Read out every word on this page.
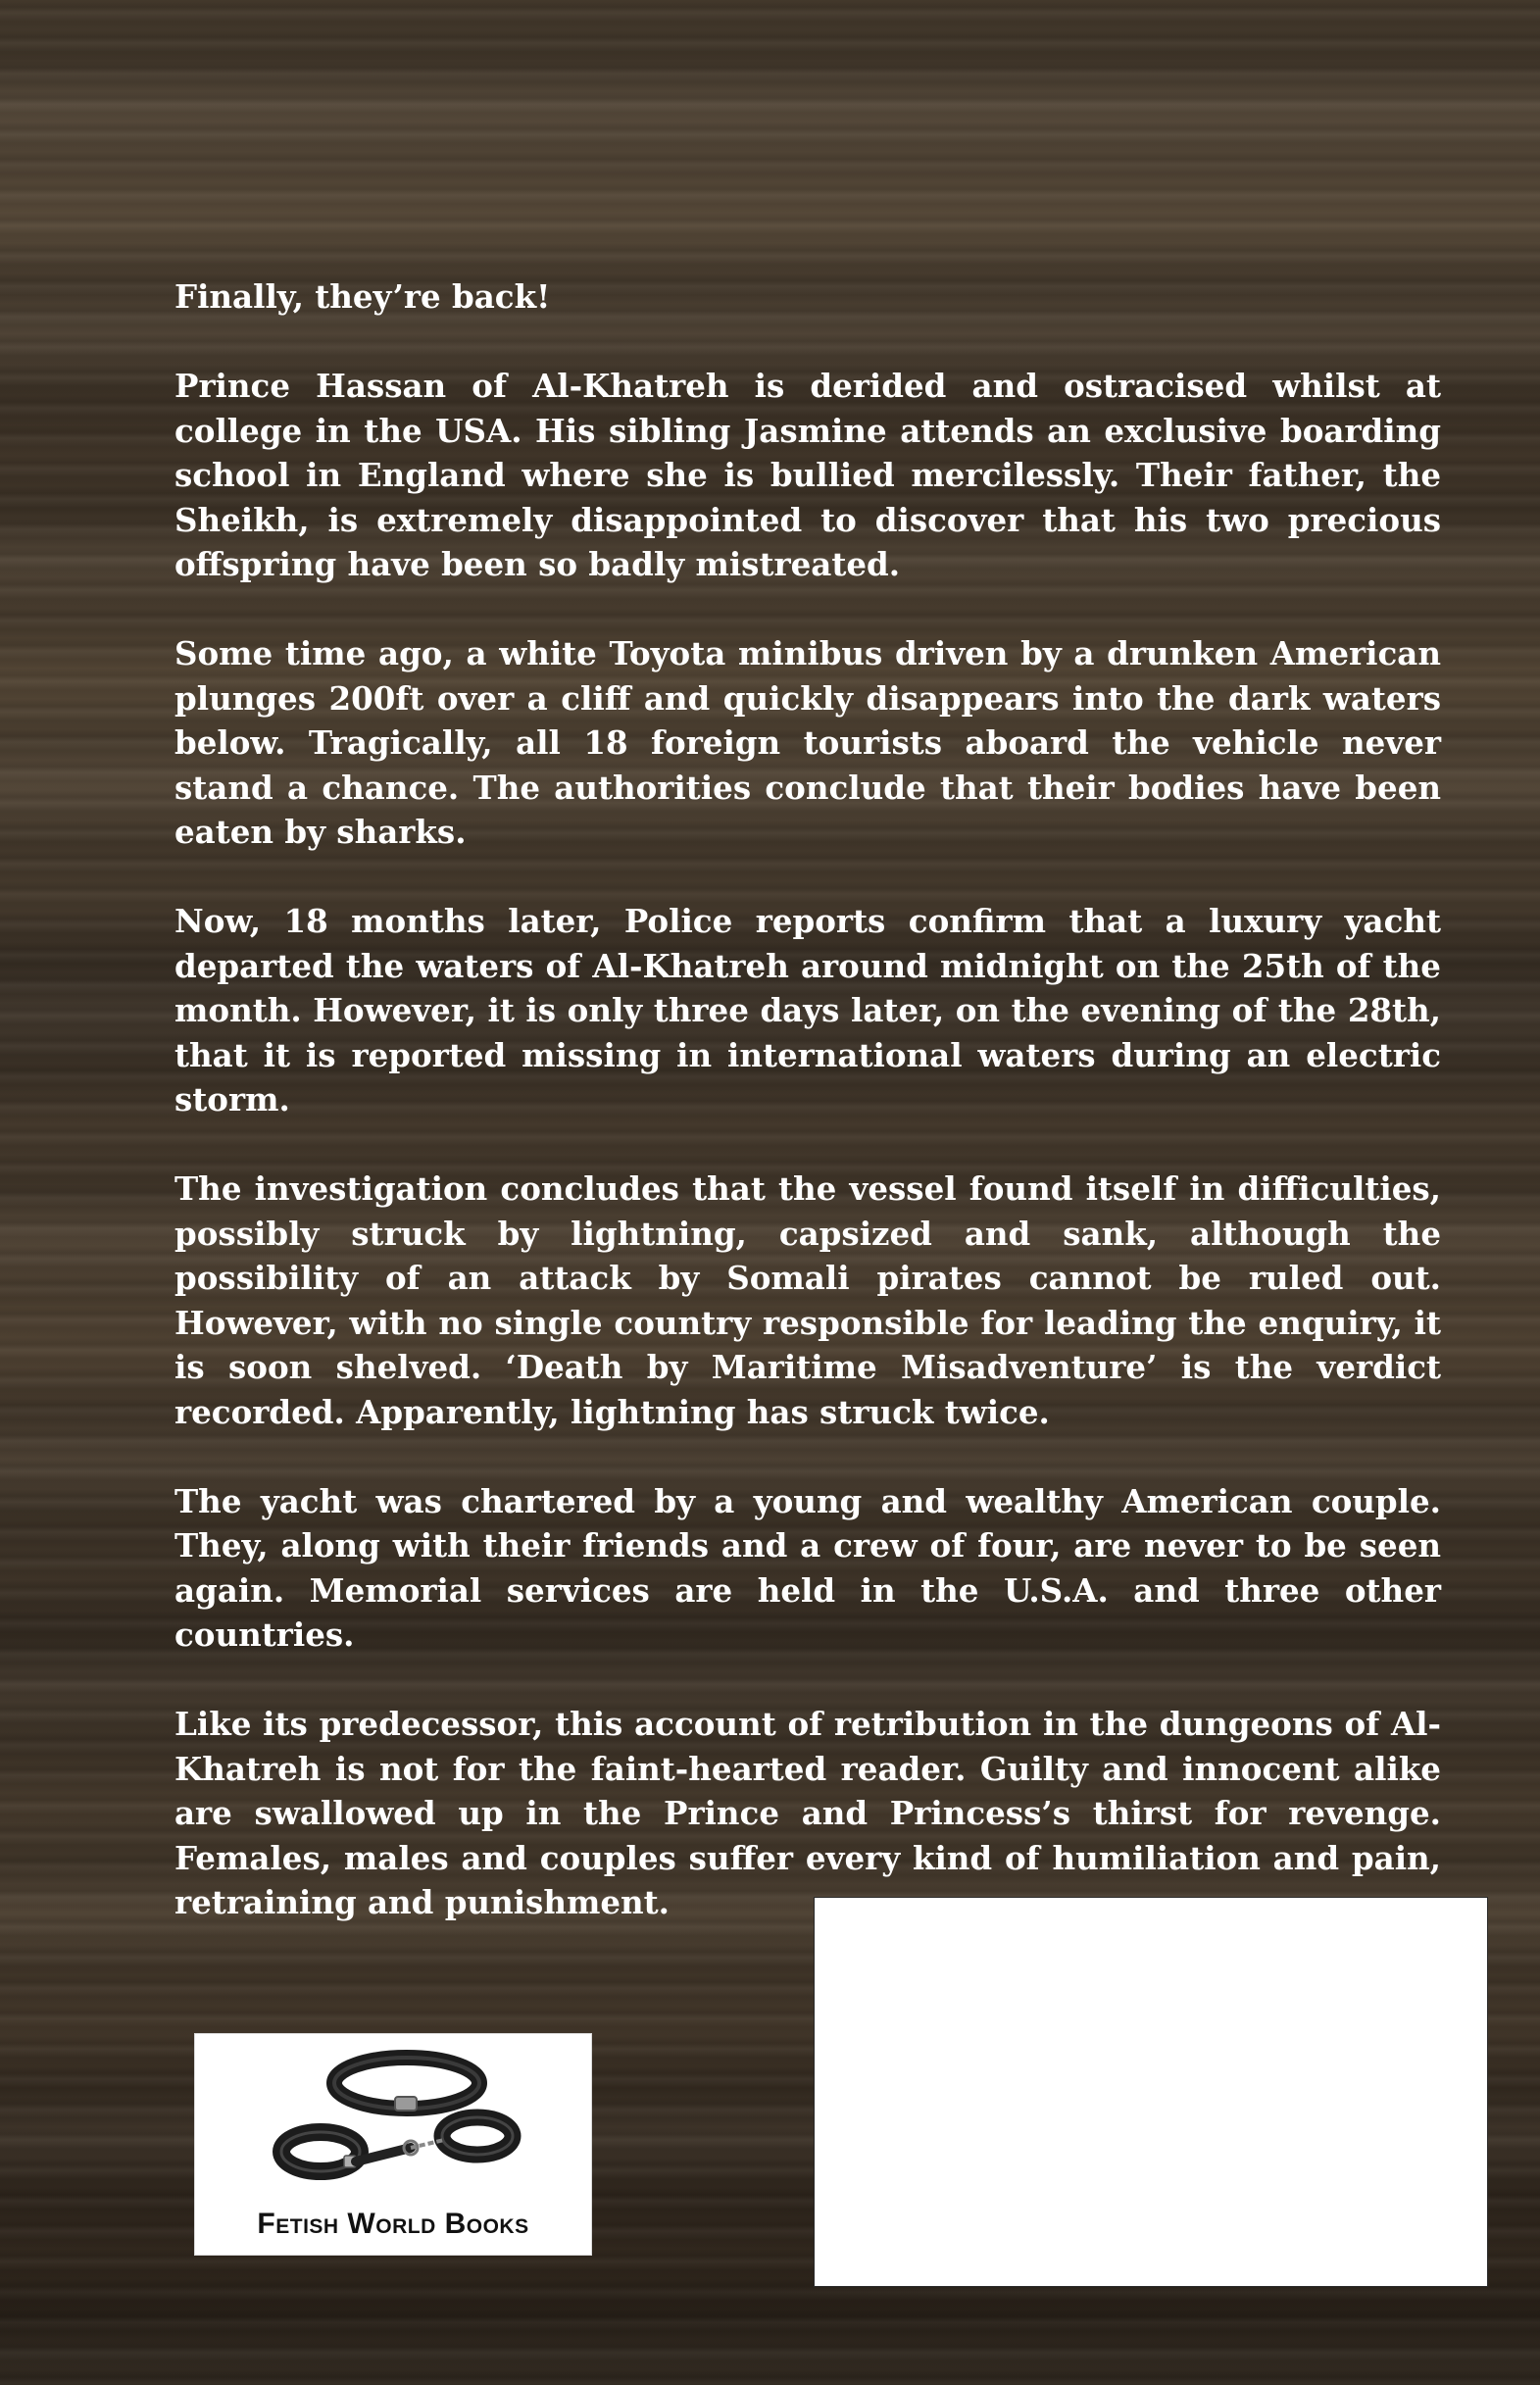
Finally, they’re back!

Prince Hassan of Al-Khatreh is derided and ostracised whilst at college in the USA. His sibling Jasmine attends an exclusive boarding school in England where she is bullied mercilessly. Their father, the Sheikh, is extremely disappointed to discover that his two precious offspring have been so badly mistreated.

Some time ago, a white Toyota minibus driven by a drunken American plunges 200ft over a cliff and quickly disappears into the dark waters below. Tragically, all 18 foreign tourists aboard the vehicle never stand a chance. The authorities conclude that their bodies have been eaten by sharks.

Now, 18 months later, Police reports confirm that a luxury yacht departed the waters of Al-Khatreh around midnight on the 25th of the month. However, it is only three days later, on the evening of the 28th, that it is reported missing in international waters during an electric storm.

The investigation concludes that the vessel found itself in difficulties, possibly struck by lightning, capsized and sank, although the possibility of an attack by Somali pirates cannot be ruled out. However, with no single country responsible for leading the enquiry, it is soon shelved. ‘Death by Maritime Misadventure’ is the verdict recorded. Apparently, lightning has struck twice.

The yacht was chartered by a young and wealthy American couple. They, along with their friends and a crew of four, are never to be seen again. Memorial services are held in the U.S.A. and three other countries.

Like its predecessor, this account of retribution in the dungeons of Al-Khatreh is not for the faint-hearted reader. Guilty and innocent alike are swallowed up in the Prince and Princess’s thirst for revenge. Females, males and couples suffer every kind of humiliation and pain, retraining and punishment.

Fetish World Books
